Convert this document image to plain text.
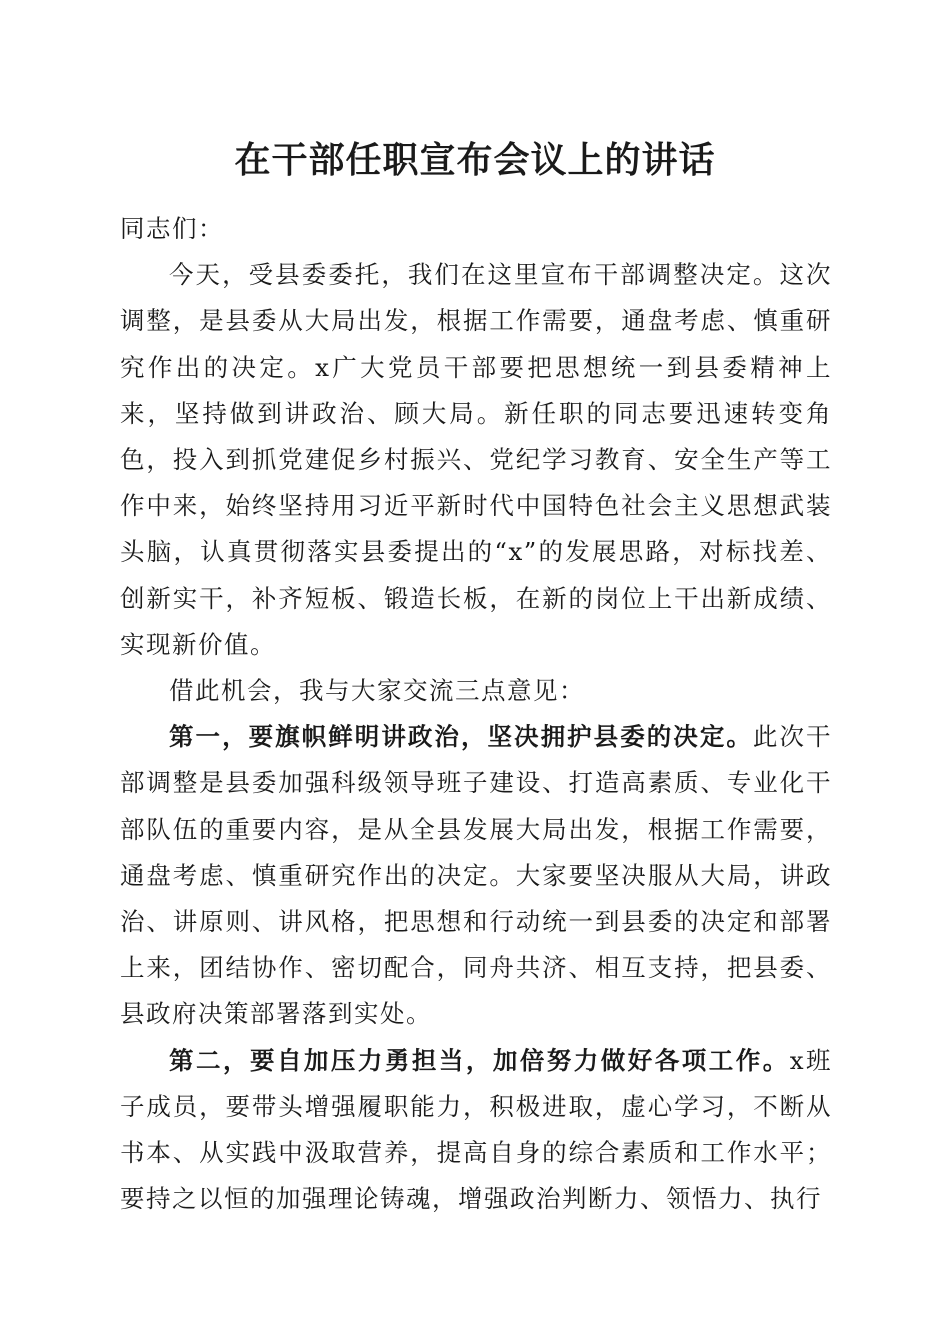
在干部任职宣布会议上的讲话

同志们：

今天，受县委委托，我们在这里宣布干部调整决定。这次调整，是县委从大局出发，根据工作需要，通盘考虑、慎重研究作出的决定。x广大党员干部要把思想统一到县委精神上来，坚持做到讲政治、顾大局。新任职的同志要迅速转变角色，投入到抓党建促乡村振兴、党纪学习教育、安全生产等工作中来，始终坚持用习近平新时代中国特色社会主义思想武装头脑，认真贯彻落实县委提出的“x”的发展思路，对标找差、创新实干，补齐短板、锻造长板，在新的岗位上干出新成绩、实现新价值。

借此机会，我与大家交流三点意见：

第一，要旗帜鲜明讲政治，坚决拥护县委的决定。此次干部调整是县委加强科级领导班子建设、打造高素质、专业化干部队伍的重要内容，是从全县发展大局出发，根据工作需要，通盘考虑、慎重研究作出的决定。大家要坚决服从大局，讲政治、讲原则、讲风格，把思想和行动统一到县委的决定和部署上来，团结协作、密切配合，同舟共济、相互支持，把县委、县政府决策部署落到实处。

第二，要自加压力勇担当，加倍努力做好各项工作。x班子成员，要带头增强履职能力，积极进取，虚心学习，不断从书本、从实践中汲取营养，提高自身的综合素质和工作水平；要持之以恒的加强理论铸魂，增强政治判断力、领悟力、执行
